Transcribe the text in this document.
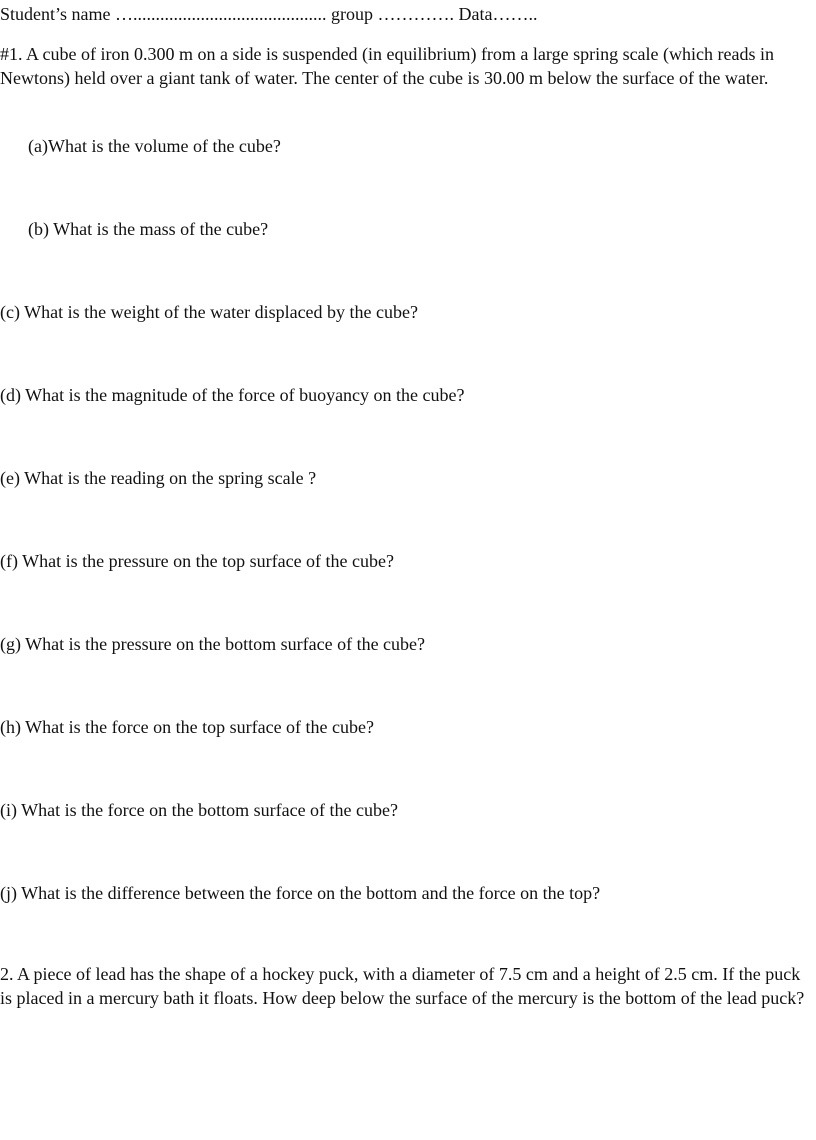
Student’s name …........................................... group …………. Data……..
#1. A cube of iron 0.300 m on a side is suspended (in equilibrium) from a large spring scale (which reads in Newtons) held over a giant tank of water. The center of the cube is 30.00 m below the surface of the water.
(a)What is the volume of the cube?
(b) What is the mass of the cube?
(c) What is the weight of the water displaced by the cube?
(d) What is the magnitude of the force of buoyancy on the cube?
(e) What is the reading on the spring scale ?
(f) What is the pressure on the top surface of the cube?
(g) What is the pressure on the bottom surface of the cube?
(h) What is the force on the top surface of the cube?
(i) What is the force on the bottom surface of the cube?
(j) What is the difference between the force on the bottom and the force on the top?
2. A piece of lead has the shape of a hockey puck, with a diameter of 7.5 cm and a height of 2.5 cm. If the puck is placed in a mercury bath it floats. How deep below the surface of the mercury is the bottom of the lead puck?
